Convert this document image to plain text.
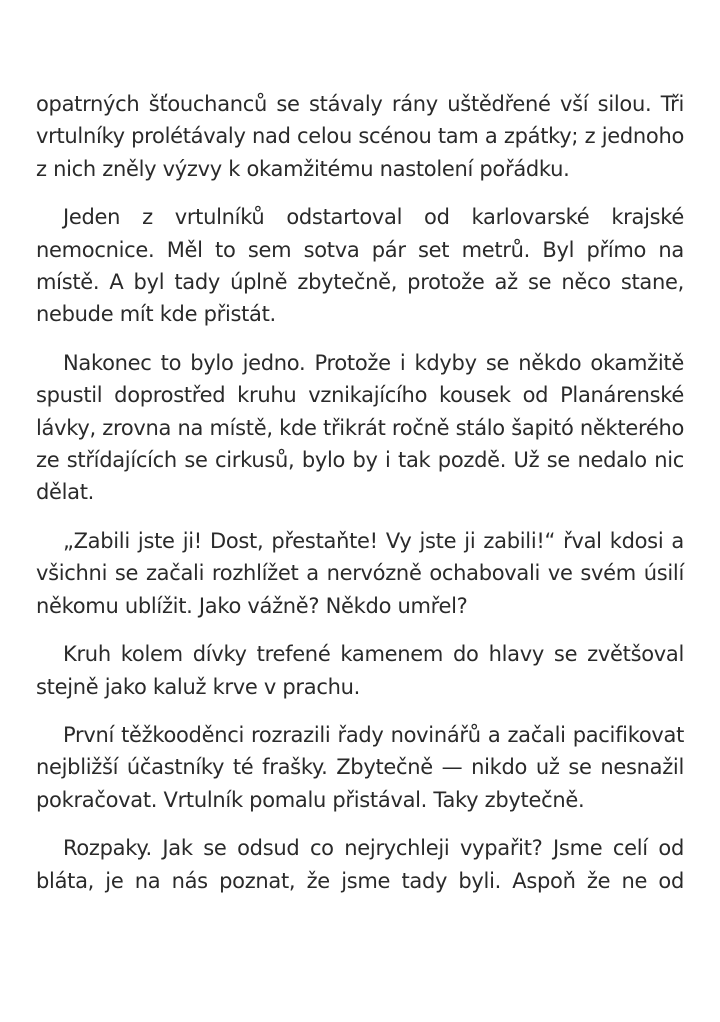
opatrných šťouchanců se stávaly rány uštědřené vší silou. Tři vrtulníky prolétávaly nad celou scénou tam a zpátky; z jednoho z nich zněly výzvy k okamžitému nastolení pořádku.

Jeden z vrtulníků odstartoval od karlovarské krajské nemocnice. Měl to sem sotva pár set metrů. Byl přímo na místě. A byl tady úplně zbytečně, protože až se něco stane, nebude mít kde přistát.

Nakonec to bylo jedno. Protože i kdyby se někdo okamžitě spustil doprostřed kruhu vznikajícího kousek od Planárenské lávky, zrovna na místě, kde třikrát ročně stálo šapitó některého ze střídajících se cirkusů, bylo by i tak pozdě. Už se nedalo nic dělat.

„Zabili jste ji! Dost, přestaňte! Vy jste ji zabili!“ řval kdosi a všichni se začali rozhlížet a nervózně ochabovali ve svém úsilí někomu ublížit. Jako vážně? Někdo umřel?

Kruh kolem dívky trefené kamenem do hlavy se zvětšoval stejně jako kaluž krve v prachu.

První těžkooděnci rozrazili řady novinářů a začali pacifikovat nejbližší účastníky té frašky. Zbytečně — nikdo už se nesnažil pokračovat. Vrtulník pomalu přistával. Taky zbytečně.

Rozpaky. Jak se odsud co nejrychleji vypařit? Jsme celí od bláta, je na nás poznat, že jsme tady byli. Aspoň že ne od
